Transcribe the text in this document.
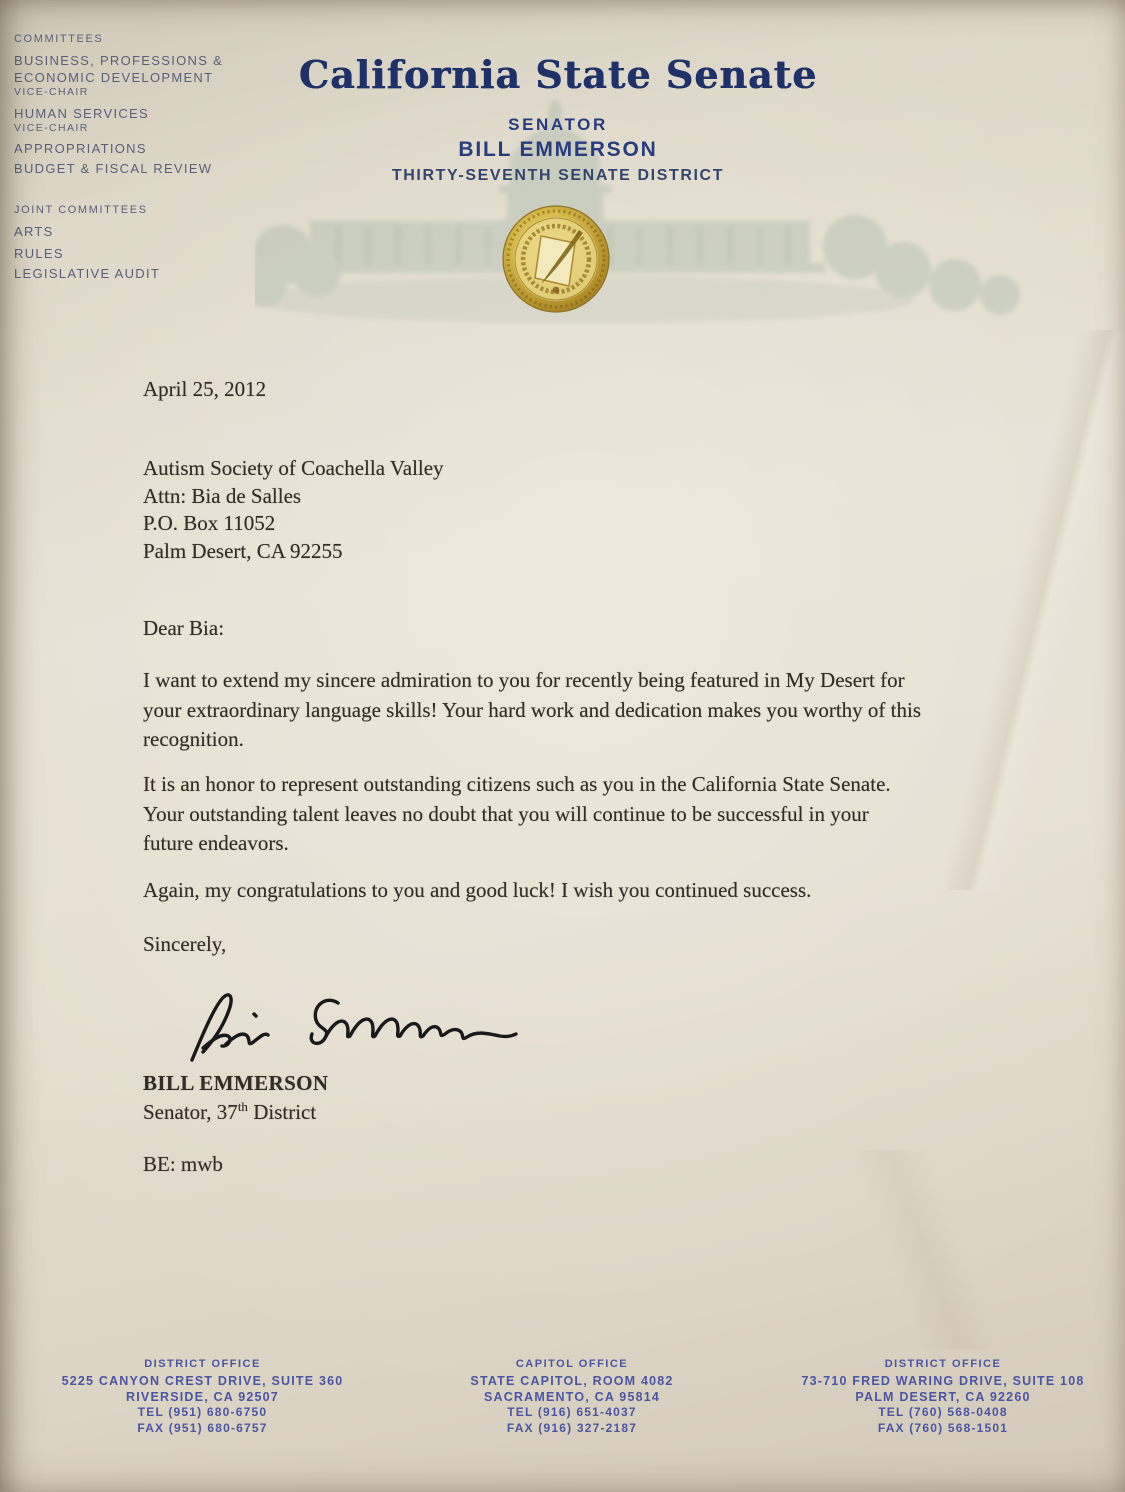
COMMITTEES
BUSINESS, PROFESSIONS &
ECONOMIC DEVELOPMENT
VICE-CHAIR
HUMAN SERVICES
VICE-CHAIR
APPROPRIATIONS
BUDGET & FISCAL REVIEW
JOINT COMMITTEES
ARTS
RULES
LEGISLATIVE AUDIT
California State Senate
SENATOR
BILL EMMERSON
THIRTY-SEVENTH SENATE DISTRICT
April 25, 2012
Autism Society of Coachella Valley
Attn: Bia de Salles
P.O. Box 11052
Palm Desert, CA 92255
Dear Bia:
I want to extend my sincere admiration to you for recently being featured in My Desert for
your extraordinary language skills! Your hard work and dedication makes you worthy of this
recognition.
It is an honor to represent outstanding citizens such as you in the California State Senate.
Your outstanding talent leaves no doubt that you will continue to be successful in your
future endeavors.
Again, my congratulations to you and good luck! I wish you continued success.
Sincerely,
BILL EMMERSON
Senator, 37th District
BE: mwb
DISTRICT OFFICE
5225 CANYON CREST DRIVE, SUITE 360
RIVERSIDE, CA 92507
TEL (951) 680-6750
FAX (951) 680-6757
CAPITOL OFFICE
STATE CAPITOL, ROOM 4082
SACRAMENTO, CA 95814
TEL (916) 651-4037
FAX (916) 327-2187
DISTRICT OFFICE
73-710 FRED WARING DRIVE, SUITE 108
PALM DESERT, CA 92260
TEL (760) 568-0408
FAX (760) 568-1501
